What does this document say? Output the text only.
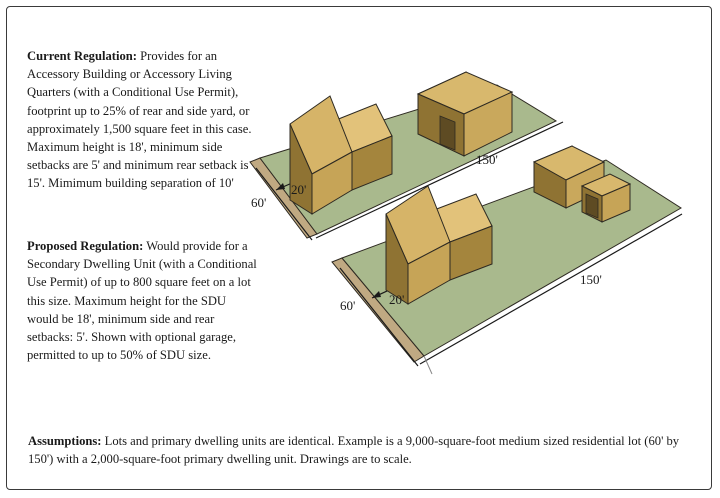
Current Regulation: Provides for an Accessory Building or Accessory Living Quarters (with a Conditional Use Permit), footprint up to 25% of rear and side yard, or approximately 1,500 square feet in this case. Maximum height is 18', minimum side setbacks are 5' and minimum rear setback is 15'. Mimimum building separation of 10'
Proposed Regulation: Would provide for a Secondary Dwelling Unit (with a Conditional Use Permit) of up to 800 square feet on a lot this size. Maximum height for the SDU would be 18', minimum side and rear setbacks: 5'. Shown with optional garage, permitted to up to 50% of SDU size.
Assumptions: Lots and primary dwelling units are identical. Example is a 9,000-square-foot medium sized residential lot (60' by 150') with a 2,000-square-foot primary dwelling unit. Drawings are to scale.
150'
60'
20'
150'
60'	20'
